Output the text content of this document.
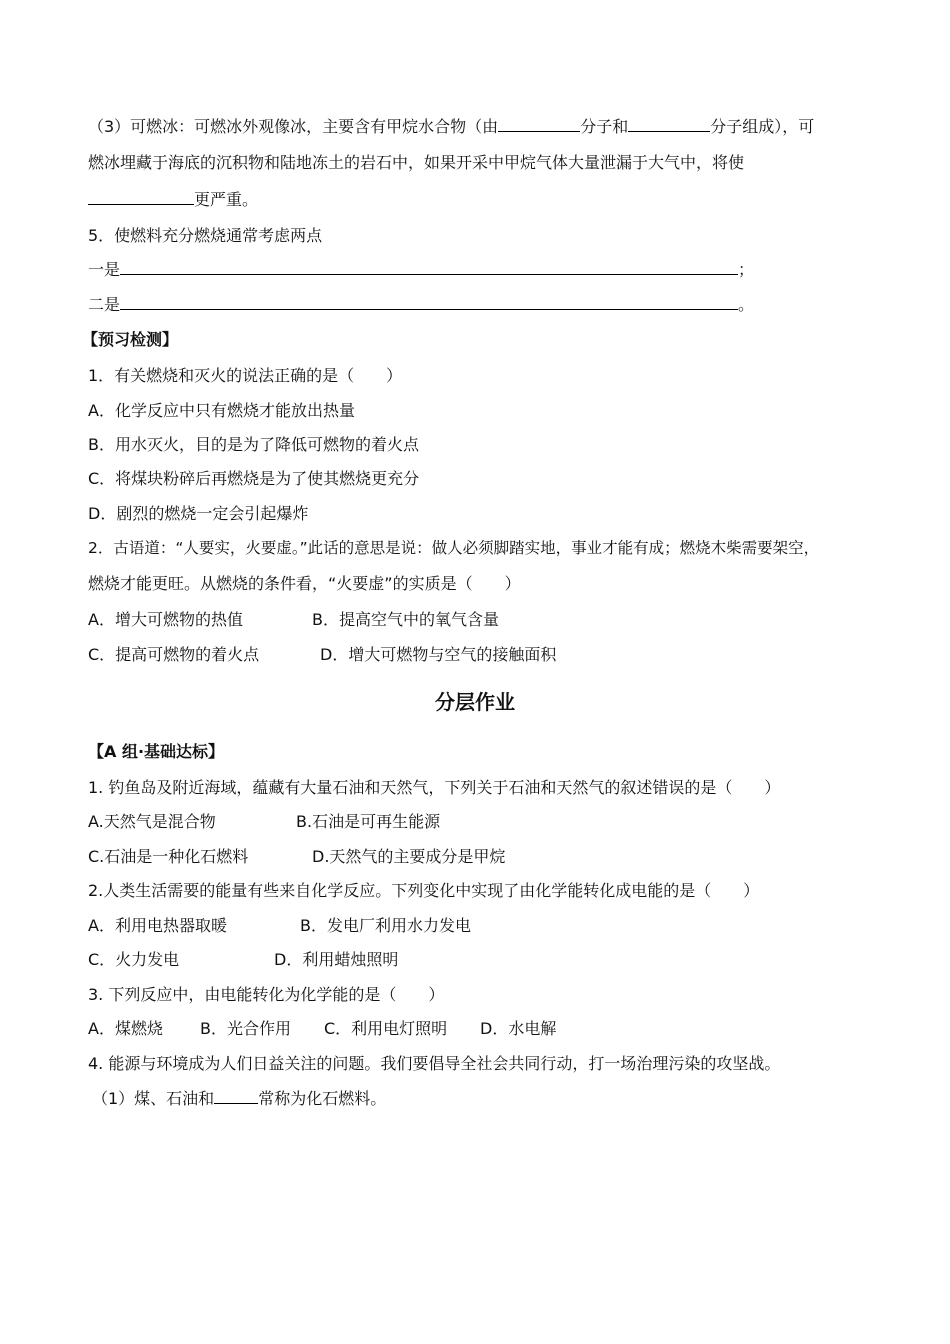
（3）可燃冰：可燃冰外观像冰，主要含有甲烷水合物（由	分子和	分子组成），可
燃冰埋藏于海底的沉积物和陆地冻土的岩石中，如果开采中甲烷气体大量泄漏于大气中，将使
更严重。
5．使燃料充分燃烧通常考虑两点
一是	；
二是	。
【预习检测】
1．有关燃烧和灭火的说法正确的是（　　）
A．化学反应中只有燃烧才能放出热量
B．用水灭火，目的是为了降低可燃物的着火点
C．将煤块粉碎后再燃烧是为了使其燃烧更充分
D．剧烈的燃烧一定会引起爆炸
2．古语道：“人要实，火要虚。”此话的意思是说：做人必须脚踏实地，事业才能有成；燃烧木柴需要架空，
燃烧才能更旺。从燃烧的条件看，“火要虚”的实质是（　　）
A．增大可燃物的热值	B．提高空气中的氧气含量
C．提高可燃物的着火点	D．增大可燃物与空气的接触面积
分层作业
【A 组·基础达标】
1. 钓鱼岛及附近海域，蕴藏有大量石油和天然气，下列关于石油和天然气的叙述错误的是（　　）
A.天然气是混合物	B.石油是可再生能源
C.石油是一种化石燃料	D.天然气的主要成分是甲烷
2.人类生活需要的能量有些来自化学反应。下列变化中实现了由化学能转化成电能的是（　　）
A．利用电热器取暖	B．发电厂利用水力发电
C．火力发电	D．利用蜡烛照明
3. 下列反应中，由电能转化为化学能的是（　　）
A．煤燃烧 B．光合作用 C．利用电灯照明 D．水电解
4. 能源与环境成为人们日益关注的问题。我们要倡导全社会共同行动，打一场治理污染的攻坚战。
（1）煤、石油和	常称为化石燃料。
